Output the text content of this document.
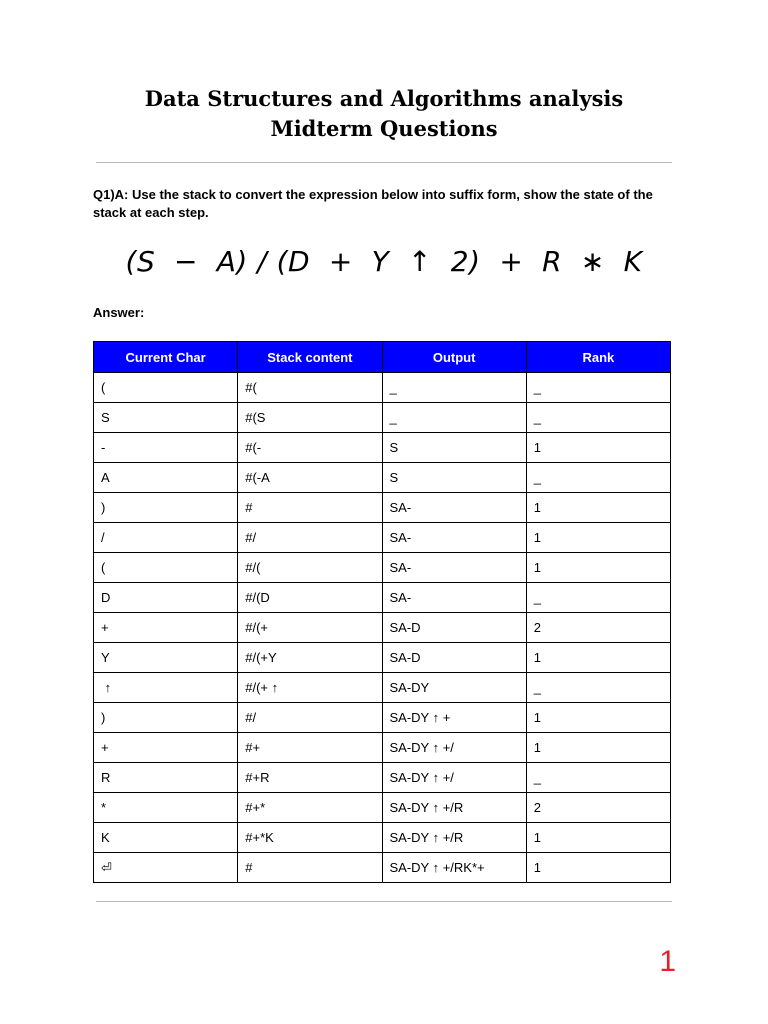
Data Structures and Algorithms analysis Midterm Questions
Q1)A: Use the stack to convert the expression below into suffix form, show the state of the stack at each step.
(S  −  A) / (D  +  Y  ↑  2)  +  R  ∗  K
Answer:
Current Char	Stack content	Output	Rank
(	#(	_	_
S	#(S	_	_
-	#(-	S	1
A	#(-A	S	_
)	#	SA-	1
/	#/	SA-	1
(	#/(	SA-	1
D	#/(D	SA-	_
+	#/(+	SA-D	2
Y	#/(+Y	SA-D	1
↑	#/(+ ↑	SA-DY	_
)	#/	SA-DY ↑ +	1
+	#+	SA-DY ↑ +/	1
R	#+R	SA-DY ↑ +/	_
*	#+*	SA-DY ↑ +/R	2
K	#+*K	SA-DY ↑ +/R	1
⏎	#	SA-DY ↑ +/RK*+	1
1
